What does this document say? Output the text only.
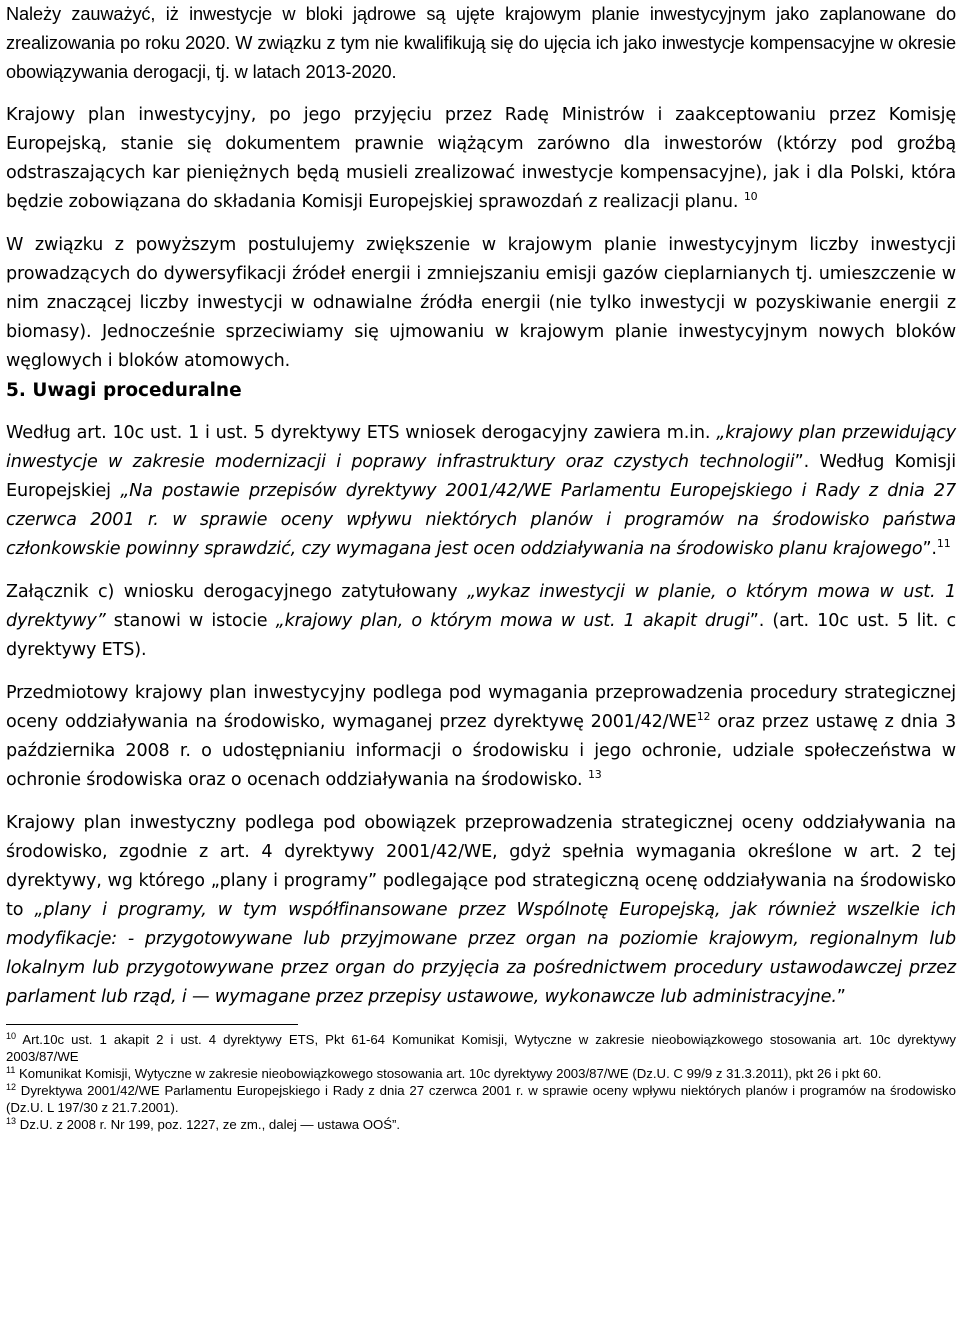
Należy zauważyć, iż inwestycje w bloki jądrowe są ujęte krajowym planie inwestycyjnym jako zaplanowane do zrealizowania po roku 2020. W związku z tym nie kwalifikują się do ujęcia ich jako inwestycje kompensacyjne w okresie obowiązywania derogacji, tj. w latach 2013-2020.

Krajowy plan inwestycyjny, po jego przyjęciu przez Radę Ministrów i zaakceptowaniu przez Komisję Europejską, stanie się dokumentem prawnie wiążącym zarówno dla inwestorów (którzy pod groźbą odstraszających kar pieniężnych będą musieli zrealizować inwestycje kompensacyjne), jak i dla Polski, która będzie zobowiązana do składania Komisji Europejskiej sprawozdań z realizacji planu. $^{10}$

W związku z powyższym postulujemy zwiększenie w krajowym planie inwestycyjnym liczby inwestycji prowadzących do dywersyfikacji źródeł energii i zmniejszaniu emisji gazów cieplarnianych tj. umieszczenie w nim znaczącej liczby inwestycji w odnawialne źródła energii (nie tylko inwestycji w pozyskiwanie energii z biomasy). Jednocześnie sprzeciwiamy się ujmowaniu w krajowym planie inwestycyjnym nowych bloków węglowych i bloków atomowych.

5. Uwagi proceduralne

Według art. 10c ust. 1 i ust. 5 dyrektywy ETS wniosek derogacyjny zawiera m.in. „krajowy plan przewidujący inwestycje w zakresie modernizacji i poprawy infrastruktury oraz czystych technologii”. Według Komisji Europejskiej „Na postawie przepisów dyrektywy 2001/42/WE Parlamentu Europejskiego i Rady z dnia 27 czerwca 2001 r. w sprawie oceny wpływu niektórych planów i programów na środowisko państwa członkowskie powinny sprawdzić, czy wymagana jest ocen oddziaływania na środowisko planu krajowego”.$^{11}$

Załącznik c) wniosku derogacyjnego zatytułowany „wykaz inwestycji w planie, o którym mowa w ust. 1 dyrektywy” stanowi w istocie „krajowy plan, o którym mowa w ust. 1 akapit drugi”. (art. 10c ust. 5 lit. c dyrektywy ETS).

Przedmiotowy krajowy plan inwestycyjny podlega pod wymagania przeprowadzenia procedury strategicznej oceny oddziaływania na środowisko, wymaganej przez dyrektywę 2001/42/WE$^{12}$ oraz przez ustawę z dnia 3 października 2008 r. o udostępnianiu informacji o środowisku i jego ochronie, udziale społeczeństwa w ochronie środowiska oraz o ocenach oddziaływania na środowisko. $^{13}$

Krajowy plan inwestyczny podlega pod obowiązek przeprowadzenia strategicznej oceny oddziaływania na środowisko, zgodnie z art. 4 dyrektywy 2001/42/WE, gdyż spełnia wymagania określone w art. 2 tej dyrektywy, wg którego „plany i programy” podlegające pod strategiczną ocenę oddziaływania na środowisko to „plany i programy, w tym współfinansowane przez Wspólnotę Europejską, jak również wszelkie ich modyfikacje: - przygotowywane lub przyjmowane przez organ na poziomie krajowym, regionalnym lub lokalnym lub przygotowywane przez organ do przyjęcia za pośrednictwem procedury ustawodawczej przez parlament lub rząd, i — wymagane przez przepisy ustawowe, wykonawcze lub administracyjne.”

$^{10}$ Art.10c ust. 1 akapit 2 i ust. 4 dyrektywy ETS, Pkt 61-64 Komunikat Komisji, Wytyczne w zakresie nieobowiązkowego stosowania art. 10c dyrektywy 2003/87/WE

$^{11}$ Komunikat Komisji, Wytyczne w zakresie nieobowiązkowego stosowania art. 10c dyrektywy 2003/87/WE (Dz.U. C 99/9 z 31.3.2011), pkt 26 i pkt 60.

$^{12}$ Dyrektywa 2001/42/WE Parlamentu Europejskiego i Rady z dnia 27 czerwca 2001 r. w sprawie oceny wpływu niektórych planów i programów na środowisko (Dz.U. L 197/30 z 21.7.2001).

$^{13}$ Dz.U. z 2008 r. Nr 199, poz. 1227, ze zm., dalej — ustawa OOŚ”.
